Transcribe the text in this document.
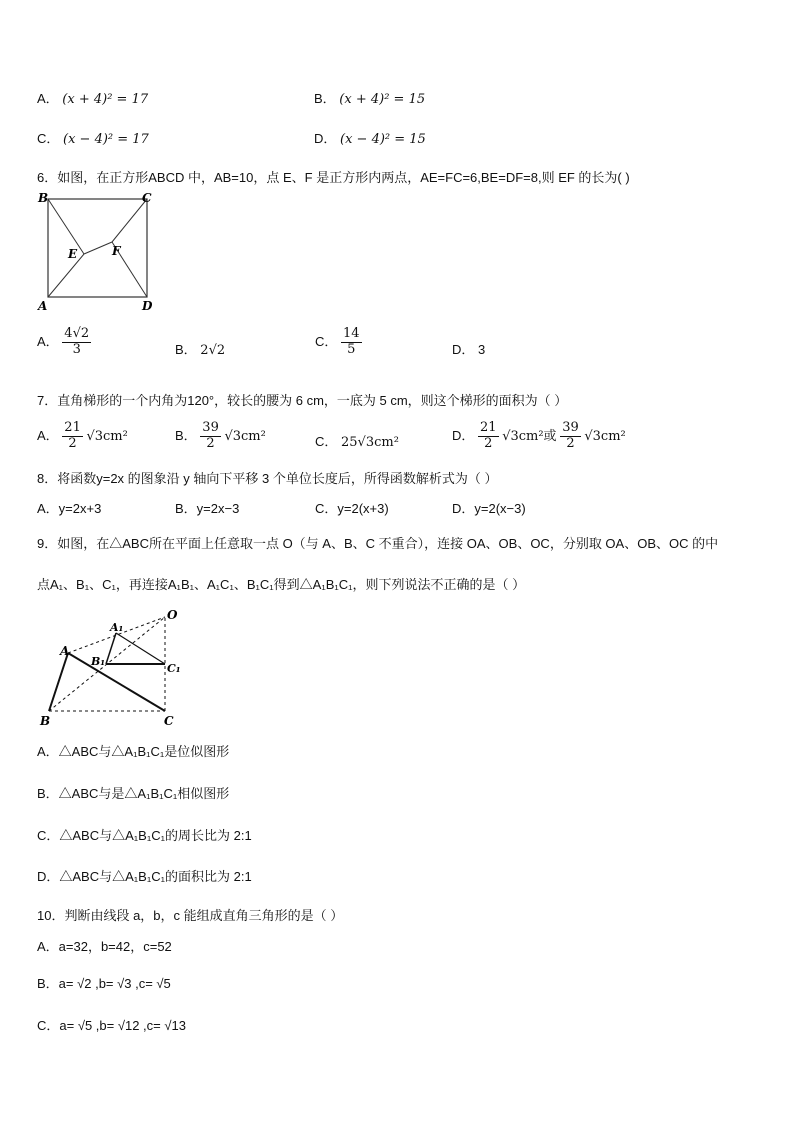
A． (x + 4)² = 17	B． (x + 4)² = 15
C． (x − 4)² = 17	D． (x − 4)² = 15
6．如图，在正方形ABCD 中，AB=10，点 E、F 是正方形内两点，AE=FC=6,BE=DF=8,则 EF 的长为( )
B	C
A	D
E	F
A． $\frac{4√2}{3}$	B． 2√2
C． $\frac{14}{5}$	D． 3
7．直角梯形的一个内角为120°，较长的腰为 6 cm，一底为 5 cm，则这个梯形的面积为（ ）
A． $\frac{21}{2} √3cm^2$	B． $\frac{39}{2} √3cm^2$	C． 25√3cm²	D． $\frac{21}{2} √3cm^2$或 $\frac{39}{2} √3cm^2$
8．将函数y=2x 的图象沿 y 轴向下平移 3 个单位长度后，所得函数解析式为（ ）
A．y=2x+3	B．y=2x−3	C．y=2(x+3)	D．y=2(x−3)
9．如图，在△ABC所在平面上任意取一点 O（与 A、B、C 不重合），连接 OA、OB、OC，分别取 OA、OB、OC 的中
点A₁、B₁、C₁，再连接A₁B₁、A₁C₁、B₁C₁得到△A₁B₁C₁，则下列说法不正确的是（ ）
O
A₁
A
B₁
C₁
B	C
A．△ABC与△A₁B₁C₁是位似图形
B．△ABC与是△A₁B₁C₁相似图形
C．△ABC与△A₁B₁C₁的周长比为 2:1
D．△ABC与△A₁B₁C₁的面积比为 2:1
10．判断由线段 a，b，c 能组成直角三角形的是（ ）
A．a=32，b=42，c=52
B．a= √2 ,b= √3 ,c= √5
C．a= √5 ,b= √12 ,c= √13
